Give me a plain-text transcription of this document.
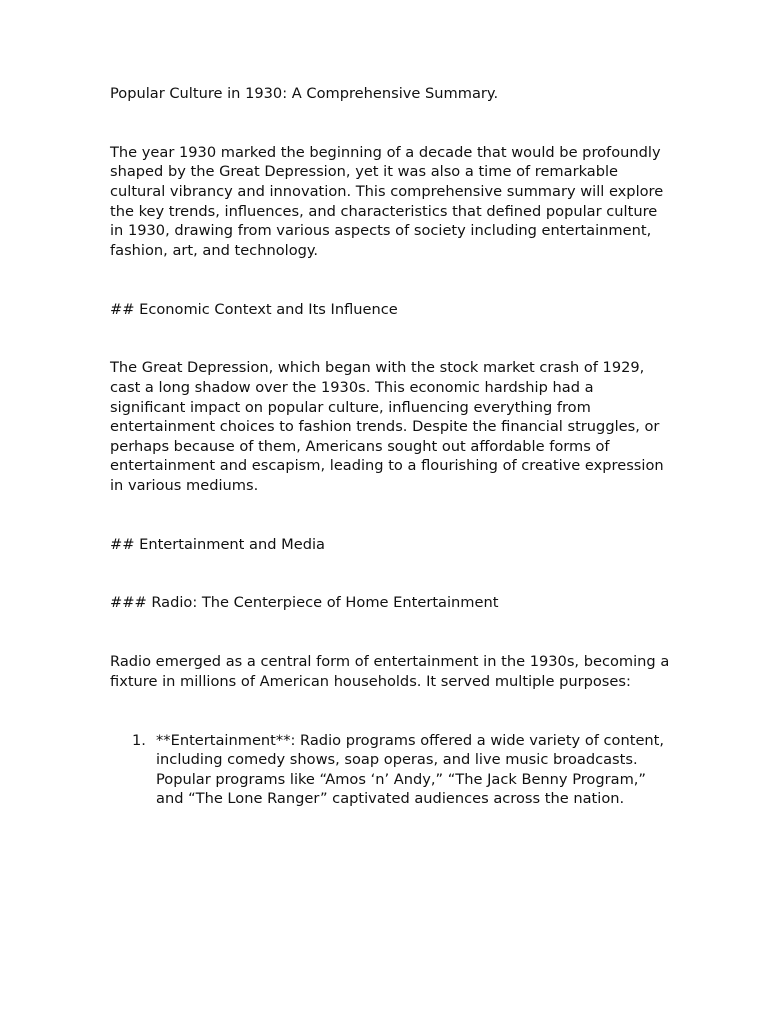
Popular Culture in 1930: A Comprehensive Summary.

The year 1930 marked the beginning of a decade that would be profoundly shaped by the Great Depression, yet it was also a time of remarkable cultural vibrancy and innovation. This comprehensive summary will explore the key trends, influences, and characteristics that defined popular culture in 1930, drawing from various aspects of society including entertainment, fashion, art, and technology.

## Economic Context and Its Influence

The Great Depression, which began with the stock market crash of 1929, cast a long shadow over the 1930s. This economic hardship had a significant impact on popular culture, influencing everything from entertainment choices to fashion trends. Despite the financial struggles, or perhaps because of them, Americans sought out affordable forms of entertainment and escapism, leading to a flourishing of creative expression in various mediums.

## Entertainment and Media

### Radio: The Centerpiece of Home Entertainment

Radio emerged as a central form of entertainment in the 1930s, becoming a fixture in millions of American households. It served multiple purposes:

1. **Entertainment**: Radio programs offered a wide variety of content, including comedy shows, soap operas, and live music broadcasts. Popular programs like “Amos ‘n’ Andy,” “The Jack Benny Program,” and “The Lone Ranger” captivated audiences across the nation.
